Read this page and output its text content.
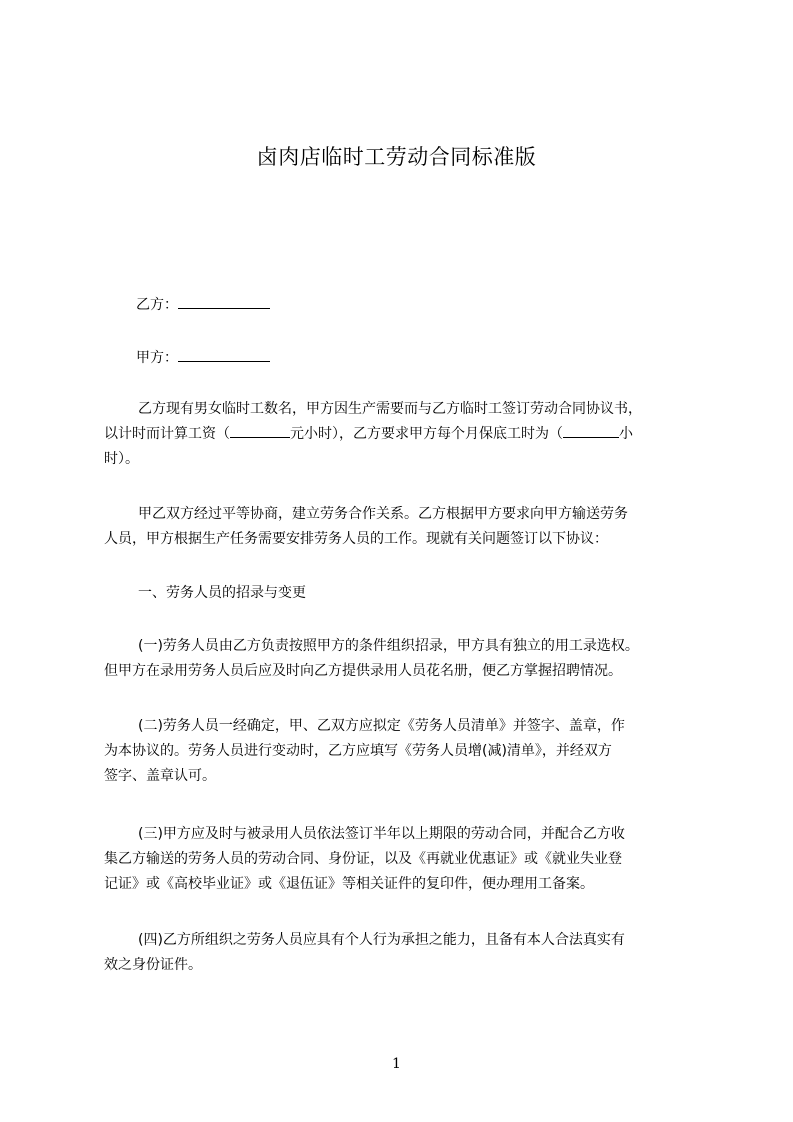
卤肉店临时工劳动合同标准版
乙方：
甲方：
乙方现有男女临时工数名，甲方因生产需要而与乙方临时工签订劳动合同协议书，
以计时而计算工资（	元小时），乙方要求甲方每个月保底工时为（	小
时）。
甲乙双方经过平等协商，建立劳务合作关系。乙方根据甲方要求向甲方输送劳务
人员，甲方根据生产任务需要安排劳务人员的工作。现就有关问题签订以下协议：
一、劳务人员的招录与变更
(一)劳务人员由乙方负责按照甲方的条件组织招录，甲方具有独立的用工录选权。
但甲方在录用劳务人员后应及时向乙方提供录用人员花名册，便乙方掌握招聘情况。
(二)劳务人员一经确定，甲、乙双方应拟定《劳务人员清单》并签字、盖章，作
为本协议的。劳务人员进行变动时，乙方应填写《劳务人员增(减)清单》，并经双方
签字、盖章认可。
(三)甲方应及时与被录用人员依法签订半年以上期限的劳动合同，并配合乙方收
集乙方输送的劳务人员的劳动合同、身份证，以及《再就业优惠证》或《就业失业登
记证》或《高校毕业证》或《退伍证》等相关证件的复印件，便办理用工备案。
(四)乙方所组织之劳务人员应具有个人行为承担之能力，且备有本人合法真实有
效之身份证件。
1
